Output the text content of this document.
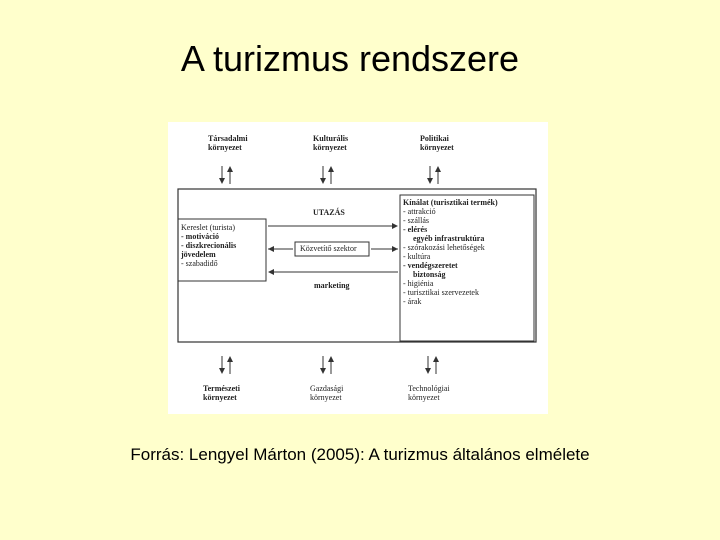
A turizmus rendszere
Társadalmi
környezet
Kulturális
környezet
Politikai
környezet
UTAZÁS
Kereslet (turista)
- motiváció
- diszkrecionális
jövedelem
- szabadidő
Közvetítő szektor
marketing
Kínálat (turisztikai termék)
- attrakció
- szállás
- elérés
egyéb infrastruktúra
- szórakozási lehetőségek
- kultúra
- vendégszeretet
biztonság
- higiénia
- turisztikai szervezetek
- árak
Természeti
környezet
Gazdasági
környezet
Technológiai
környezet
Forrás: Lengyel Márton (2005): A turizmus általános elmélete
